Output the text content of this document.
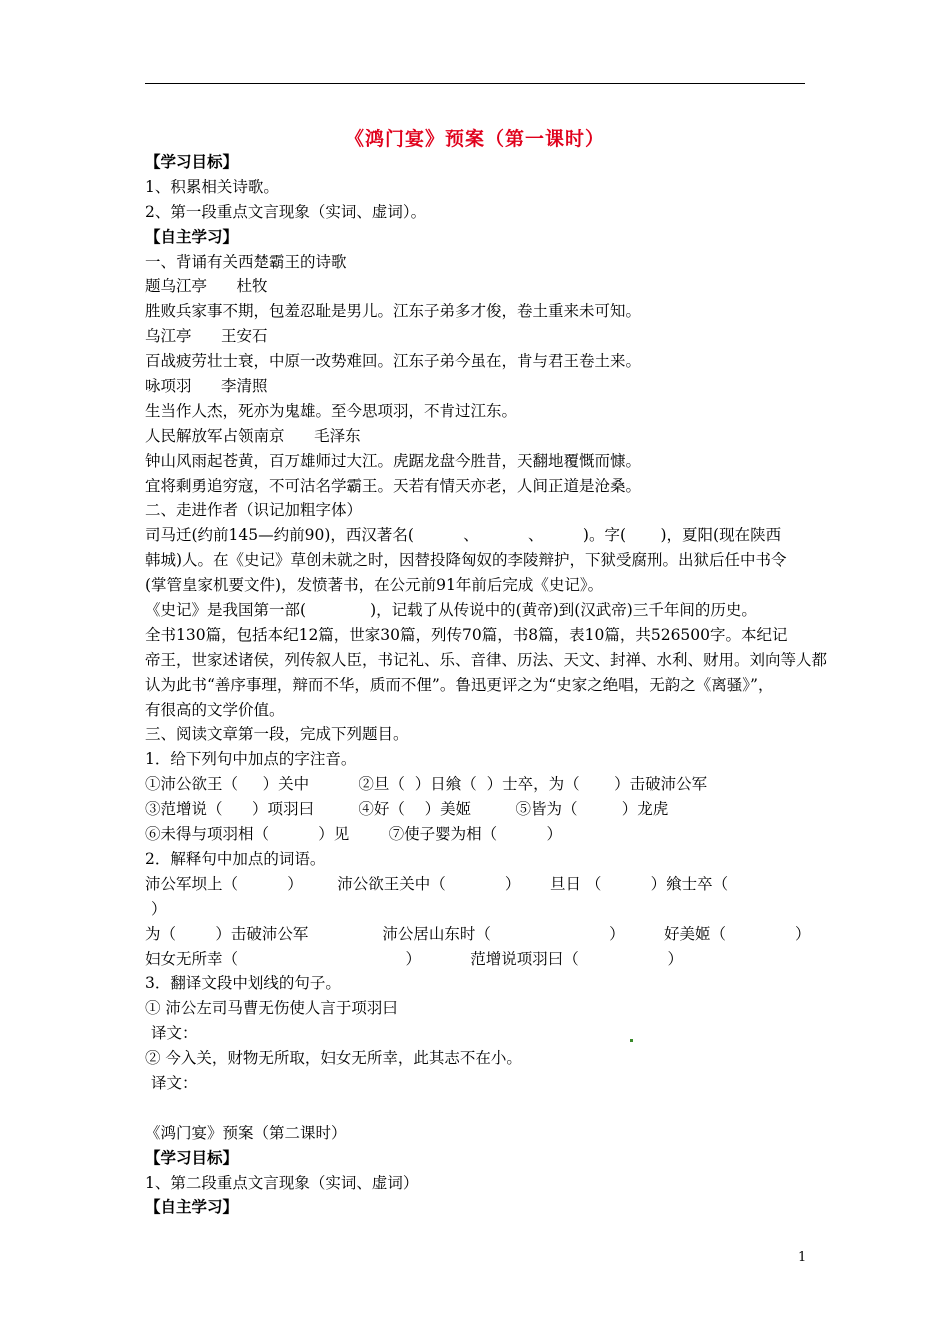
《鸿门宴》预案（第一课时）
【学习目标】
1、积累相关诗歌。
2、第一段重点文言现象（实词、虚词）。
【自主学习】
一、背诵有关西楚霸王的诗歌
题乌江亭      杜牧
胜败兵家事不期，包羞忍耻是男儿。江东子弟多才俊，卷土重来未可知。
乌江亭      王安石
百战疲劳壮士衰，中原一改势难回。江东子弟今虽在，肯与君王卷土来。
咏项羽      李清照
生当作人杰，死亦为鬼雄。至今思项羽，不肯过江东。
人民解放军占领南京      毛泽东
钟山风雨起苍黄，百万雄师过大江。虎踞龙盘今胜昔，天翻地覆慨而慷。
宜将剩勇追穷寇，不可沽名学霸王。天若有情天亦老，人间正道是沧桑。
二、走进作者（识记加粗字体）
司马迁(约前145—约前90)，西汉著名(          、          、        )。字(       )，夏阳(现在陕西
韩城)人。在《史记》草创未就之时，因替投降匈奴的李陵辩护，下狱受腐刑。出狱后任中书令
(掌管皇家机要文件)，发愤著书，在公元前91年前后完成《史记》。
《史记》是我国第一部(             )，记载了从传说中的(黄帝)到(汉武帝)三千年间的历史。
全书130篇，包括本纪12篇，世家30篇，列传70篇，书8篇，表10篇，共526500字。本纪记
帝王，世家述诸侯，列传叙人臣，书记礼、乐、音律、历法、天文、封禅、水利、财用。刘向等人都
认为此书“善序事理，辩而不华，质而不俚”。鲁迅更评之为“史家之绝唱，无韵之《离骚》”，
有很高的文学价值。
三、阅读文章第一段，完成下列题目。
1．给下列句中加点的字注音。
①沛公欲王（     ）关中          ②旦（  ）日飨（  ）士卒，为（       ）击破沛公军
③范增说（      ）项羽曰         ④好（    ）美姬         ⑤皆为（         ）龙虎
⑥未得与项羽相（          ）见        ⑦使子婴为相（          ）
2．解释句中加点的词语。
沛公军坝上（          ）       沛公欲王关中（            ）      旦日 （          ）飨士卒（
）
为（        ）击破沛公军               沛公居山东时（                        ）        好美姬（              ）
妇女无所幸（                                  ）          范增说项羽曰（                  ）
3．翻译文段中划线的句子。
① 沛公左司马曹无伤使人言于项羽曰
译文：
② 今入关，财物无所取，妇女无所幸，此其志不在小。
译文：
《鸿门宴》预案（第二课时）
【学习目标】
1、第二段重点文言现象（实词、虚词）
【自主学习】
1
